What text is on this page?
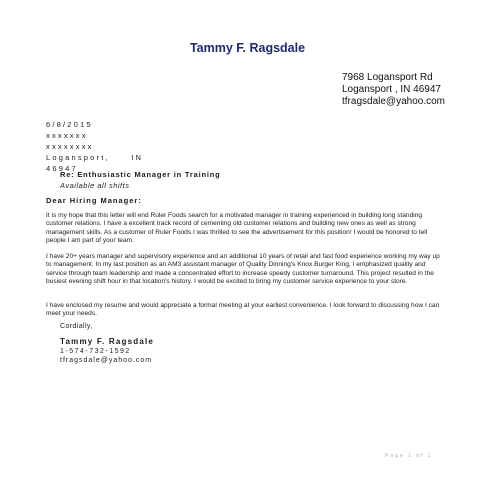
Tammy F. Ragsdale
7968 Logansport Rd
Logansport , IN 46947
tfragsdale@yahoo.com
6/8/2015
xxxxxxx
xxxxxxxx
Logansport,     IN
46947
Re: Enthusiastic Manager in Training
Available all shifts
Dear Hiring Manager:

It is my hope that this letter will end Ruler Foods search for a motivated manager in training experienced in building long standing customer relations. I have a excellent track record of cementing old customer relations and building new ones as well as strong management skills. As a customer of Ruler Foods I was thrilled to see the advertisement for this position! I would be honored to tell people I am part of your team.

I have 20+ years manager and supervisory experience and an additional 10 years of retail and fast food experience working my way up to management. In my last position as an AM3 assistant manager of Quality Dinning's Knox Burger King, I emphasized quality and service through team leadership and made a concentrated effort to increase speedy customer turnaround. This project resulted in the busiest evening shift hour in that location's history. I would be excited to bring my customer service experience to your store.

I have enclosed my resume and would appreciate a formal meeting at your earliest convenience. I look forward to discussing how I can meet your needs.

Cordially,
Tammy F. Ragsdale
1-574-732-1592
tfragsdale@yahoo.com
Page 1 of 1
